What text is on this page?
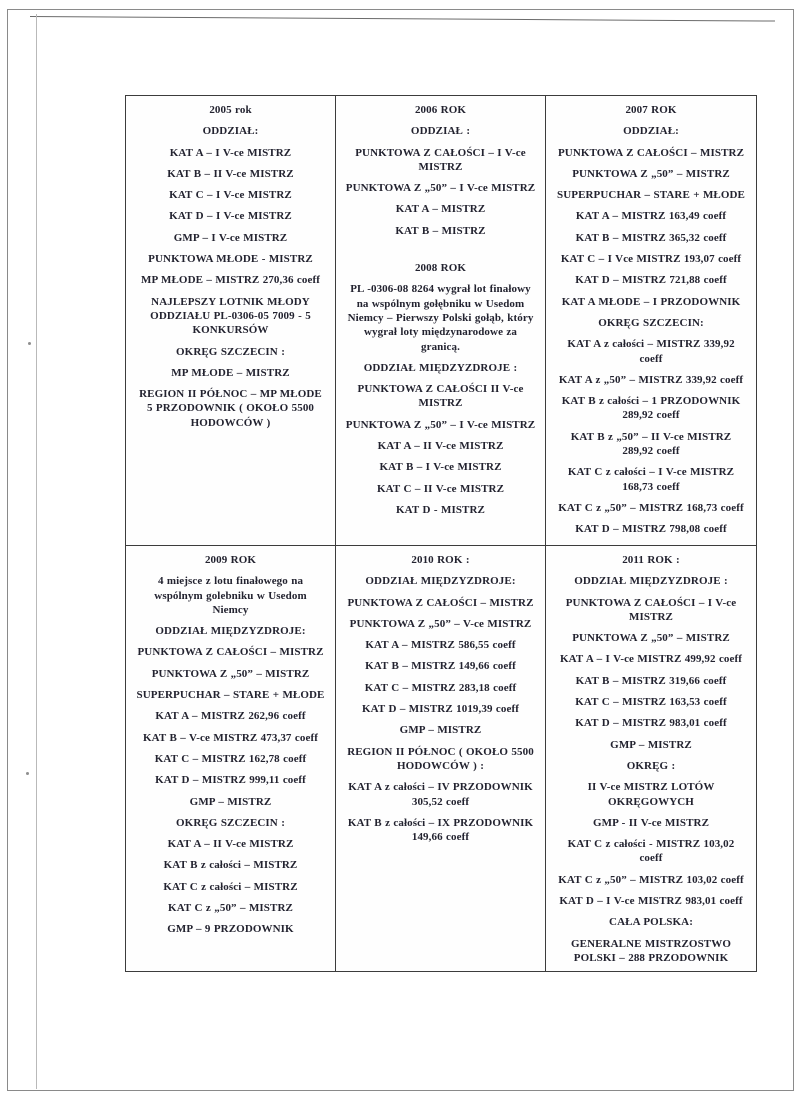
2005 rok

ODDZIAŁ:

KAT A – I V-ce MISTRZ

KAT B – II V-ce MISTRZ

KAT C – I V-ce MISTRZ

KAT D – I V-ce MISTRZ

GMP – I V-ce MISTRZ

PUNKTOWA MŁODE - MISTRZ

MP MŁODE – MISTRZ 270,36 coeff

NAJLEPSZY LOTNIK MŁODY ODDZIAŁU PL-0306-05 7009 - 5 KONKURSÓW

OKRĘG SZCZECIN :

MP MŁODE – MISTRZ

REGION II PÓŁNOC – MP MŁODE 5 PRZODOWNIK ( OKOŁO 5500 HODOWCÓW )

2006 ROK

ODDZIAŁ :

PUNKTOWA Z CAŁOŚCI – I V-ce MISTRZ

PUNKTOWA Z „50” – I V-ce MISTRZ

KAT A – MISTRZ

KAT B – MISTRZ

2008 ROK

PL -0306-08 8264 wygrał lot finałowy na wspólnym gołębniku w Usedom Niemcy – Pierwszy Polski gołąb, który wygrał loty międzynarodowe za granicą.

ODDZIAŁ MIĘDZYZDROJE :

PUNKTOWA Z CAŁOŚCI II V-ce MISTRZ

PUNKTOWA Z „50” – I V-ce MISTRZ

KAT A – II V-ce MISTRZ

KAT B – I V-ce MISTRZ

KAT C – II V-ce MISTRZ

KAT D - MISTRZ

2007 ROK

ODDZIAŁ:

PUNKTOWA Z CAŁOŚCI – MISTRZ

PUNKTOWA Z „50” – MISTRZ

SUPERPUCHAR – STARE + MŁODE

KAT A – MISTRZ 163,49 coeff

KAT B – MISTRZ 365,32 coeff

KAT C – I Vce MISTRZ 193,07 coeff

KAT D – MISTRZ 721,88 coeff

KAT A MŁODE – I PRZODOWNIK

OKRĘG SZCZECIN:

KAT A z całości – MISTRZ 339,92 coeff

KAT A z „50” – MISTRZ 339,92 coeff

KAT B z całości – 1 PRZODOWNIK 289,92 coeff

KAT B z „50” – II V-ce MISTRZ 289,92 coeff

KAT C z całości – I V-ce MISTRZ 168,73 coeff

KAT C z „50” – MISTRZ 168,73 coeff

KAT D – MISTRZ 798,08 coeff

2009 ROK

4 miejsce z lotu finałowego na wspólnym golebniku w Usedom Niemcy

ODDZIAŁ MIĘDZYZDROJE:

PUNKTOWA Z CAŁOŚCI – MISTRZ

PUNKTOWA Z „50” – MISTRZ

SUPERPUCHAR – STARE + MŁODE

KAT A – MISTRZ 262,96 coeff

KAT B – V-ce MISTRZ 473,37 coeff

KAT C – MISTRZ 162,78 coeff

KAT D – MISTRZ 999,11 coeff

GMP – MISTRZ

OKRĘG SZCZECIN :

KAT A – II V-ce MISTRZ

KAT B z całości – MISTRZ

KAT C z całości – MISTRZ

KAT C z „50” – MISTRZ

GMP – 9 PRZODOWNIK

2010 ROK :

ODDZIAŁ MIĘDZYZDROJE:

PUNKTOWA Z CAŁOŚCI – MISTRZ

PUNKTOWA Z „50” – V-ce MISTRZ

KAT A – MISTRZ 586,55 coeff

KAT B – MISTRZ 149,66 coeff

KAT C – MISTRZ 283,18 coeff

KAT D – MISTRZ 1019,39 coeff

GMP – MISTRZ

REGION II PÓŁNOC ( OKOŁO 5500 HODOWCÓW ) :

KAT A z całości – IV PRZODOWNIK 305,52 coeff

KAT B z całości – IX PRZODOWNIK 149,66 coeff

2011 ROK :

ODDZIAŁ MIĘDZYZDROJE :

PUNKTOWA Z CAŁOŚCI – I V-ce MISTRZ

PUNKTOWA Z „50” – MISTRZ

KAT A – I V-ce MISTRZ 499,92 coeff

KAT B – MISTRZ 319,66 coeff

KAT C – MISTRZ 163,53 coeff

KAT D – MISTRZ 983,01 coeff

GMP – MISTRZ

OKRĘG :

II V-ce MISTRZ LOTÓW OKRĘGOWYCH

GMP - II V-ce MISTRZ

KAT C z całości - MISTRZ 103,02 coeff

KAT C z „50” – MISTRZ 103,02 coeff

KAT D – I V-ce MISTRZ 983,01 coeff

CAŁA POLSKA:

GENERALNE MISTRZOSTWO POLSKI – 288 PRZODOWNIK
